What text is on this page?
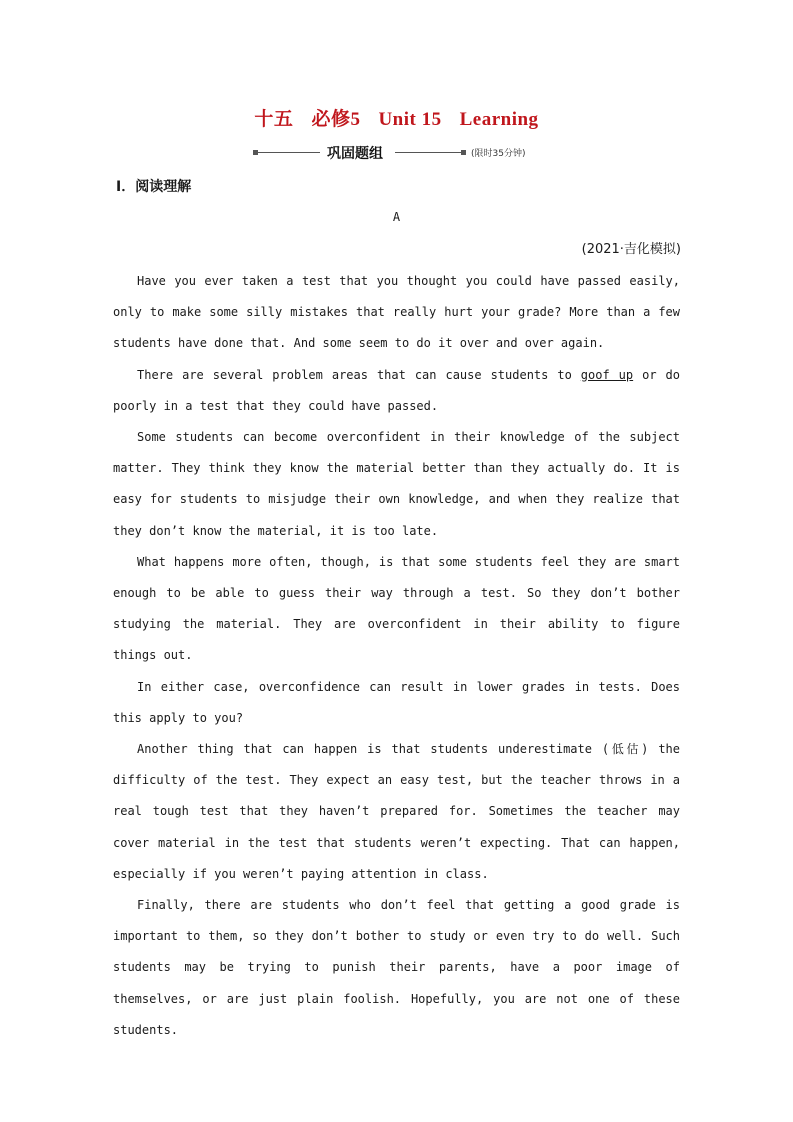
十五 必修5 Unit 15 Learning
巩固题组	(限时35分钟)
Ⅰ．阅读理解
A
(2021·吉化模拟)

Have you ever taken a test that you thought you could have passed easily, only to make some silly mistakes that really hurt your grade? More than a few students have done that. And some seem to do it over and over again.

There are several problem areas that can cause students to goof up or do poorly in a test that they could have passed.

Some students can become overconfident in their knowledge of the subject matter. They think they know the material better than they actually do. It is easy for students to misjudge their own knowledge, and when they realize that they don’t know the material, it is too late.

What happens more often, though, is that some students feel they are smart enough to be able to guess their way through a test. So they don’t bother studying the material. They are overconfident in their ability to figure things out.

In either case, overconfidence can result in lower grades in tests. Does this apply to you?

Another thing that can happen is that students underestimate (低估) the difficulty of the test. They expect an easy test, but the teacher throws in a real tough test that they haven’t prepared for. Sometimes the teacher may cover material in the test that students weren’t expecting. That can happen, especially if you weren’t paying attention in class.

Finally, there are students who don’t feel that getting a good grade is important to them, so they don’t bother to study or even try to do well. Such students may be trying to punish their parents, have a poor image of themselves, or are just plain foolish. Hopefully, you are not one of these students.
